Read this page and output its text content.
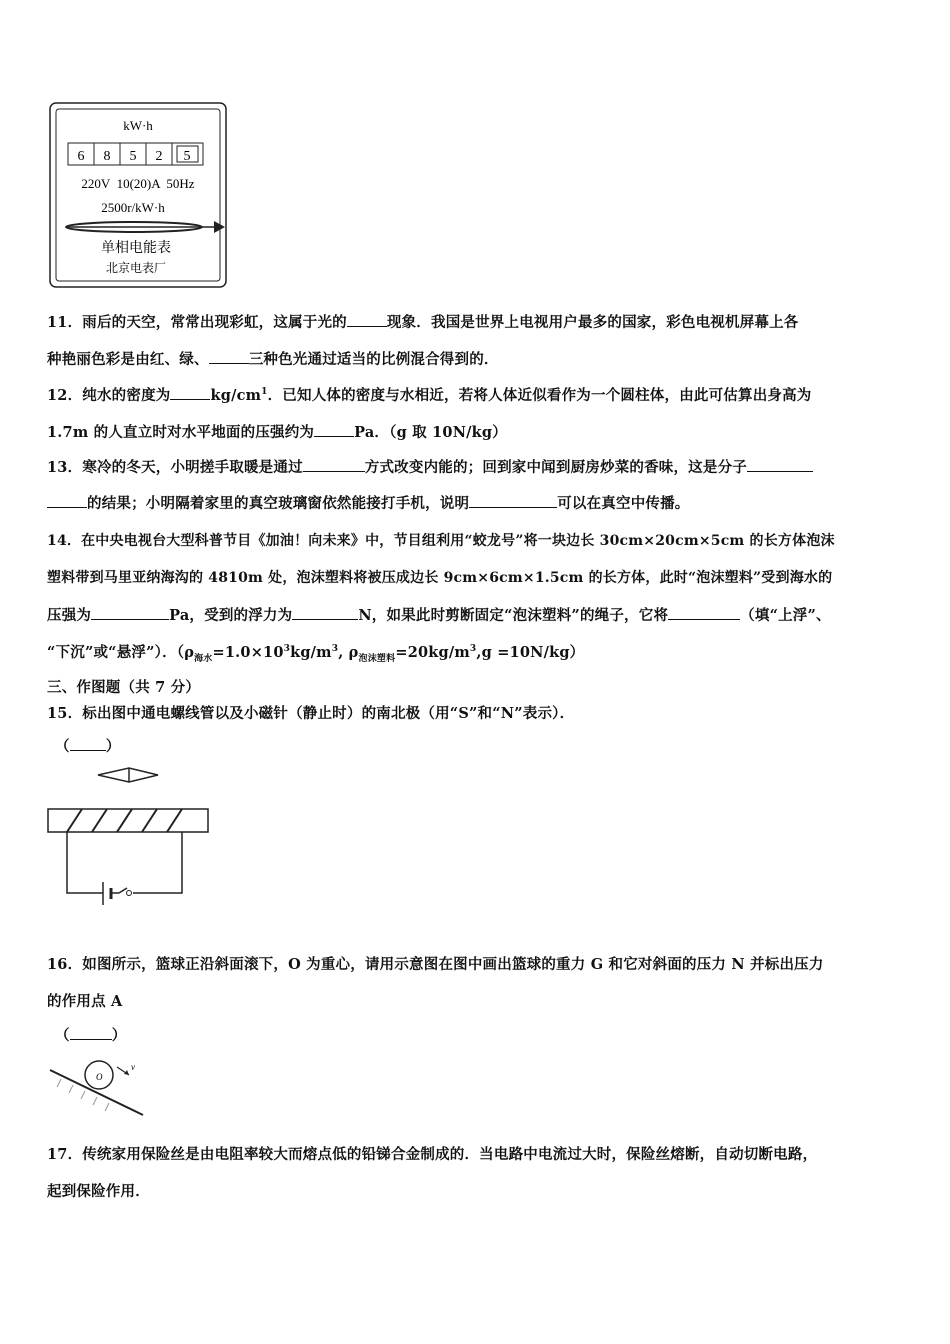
kW·h
6 8 5 2 5
220V  10(20)A  50Hz
2500r/kW·h
单相电能表
北京电表厂
11．雨后的天空，常常出现彩虹，这属于光的	现象．我国是世界上电视用户最多的国家，彩色电视机屏幕上各
种艳丽色彩是由红、绿、	三种色光通过适当的比例混合得到的．
12．纯水的密度为	$kg/cm^1$．已知人体的密度与水相近，若将人体近似看作为一个圆柱体，由此可估算出身高为
1.7m 的人直立时对水平地面的压强约为	Pa．（g 取 10N/kg）
13．寒冷的冬天，小明搓手取暖是通过	方式改变内能的；回到家中闻到厨房炒菜的香味，这是分子
的结果；小明隔着家里的真空玻璃窗依然能接打手机，说明	可以在真空中传播。
14．在中央电视台大型科普节目《加油！向未来》中，节目组利用“蛟龙号”将一块边长 30cm×20cm×5cm 的长方体泡沫
塑料带到马里亚纳海沟的 4810m 处，泡沫塑料将被压成边长 9cm×6cm×1.5cm 的长方体，此时“泡沫塑料”受到海水的
压强为	Pa，受到的浮力为	N，如果此时剪断固定“泡沫塑料”的绳子，它将	（填“上浮”、
“下沉”或“悬浮”）．（$\rho_{海水}=1.0\times 10^3kg/m^3$, $\rho_{泡沫塑料}=20kg/m^3,g =10N/kg$）
三、作图题（共 7 分）
15．标出图中通电螺线管以及小磁针（静止时）的南北极（用“S”和“N”表示）．
（ ）
16．如图所示，篮球正沿斜面滚下，O 为重心，请用示意图在图中画出篮球的重力 G 和它对斜面的压力 N 并标出压力
的作用点 A
（	）
O
v
17．传统家用保险丝是由电阻率较大而熔点低的铅锑合金制成的．当电路中电流过大时，保险丝熔断，自动切断电路，
起到保险作用．
